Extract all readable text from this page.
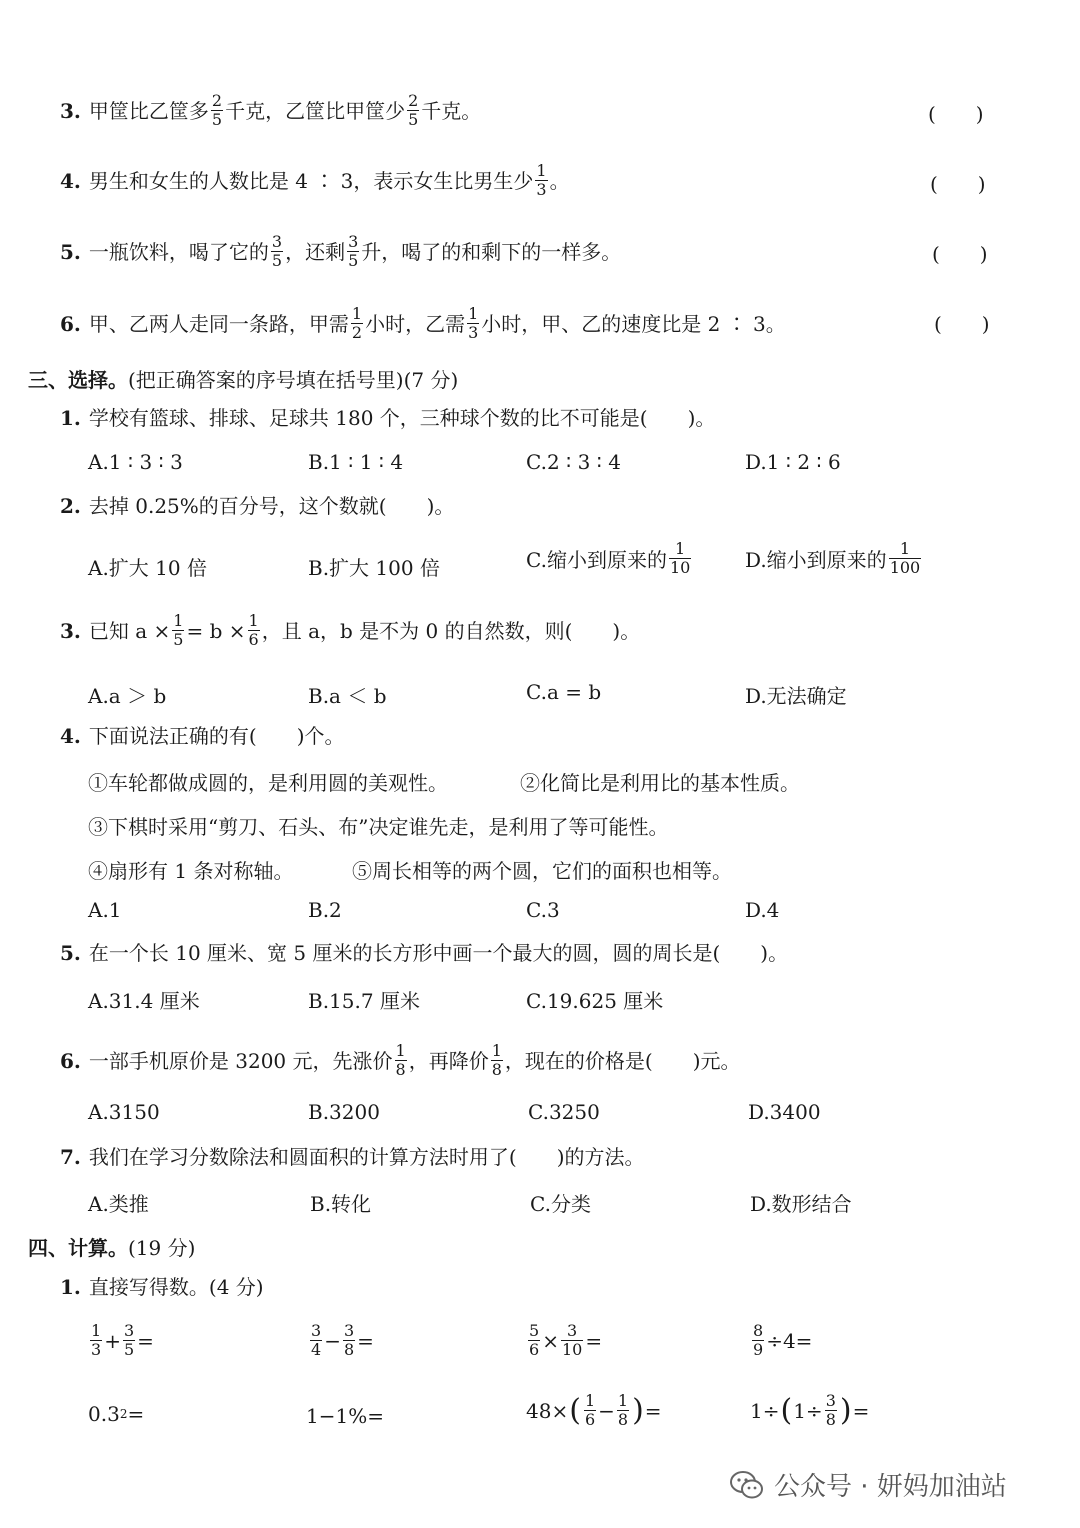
3. 甲筐比乙筐多 $\frac{2}{5}$ 千克，乙筐比甲筐少 $\frac{2}{5}$ 千克。	(　　)
4. 男生和女生的人数比是 4 ∶ 3，表示女生比男生少 $\frac{1}{3}$ 。	(　　)
5. 一瓶饮料，喝了它的 $\frac{3}{5}$ ，还剩 $\frac{3}{5}$ 升，喝了的和剩下的一样多。	(　　)
6. 甲、乙两人走同一条路，甲需 $\frac{1}{2}$ 小时，乙需 $\frac{1}{3}$ 小时，甲、乙的速度比是 2 ∶ 3。	(　　)
三、选择。(把正确答案的序号填在括号里)(7 分)
1. 学校有篮球、排球、足球共 180 个，三种球个数的比不可能是(　　)。
A.1 ∶ 3 ∶ 3	B.1 ∶ 1 ∶ 4	C.2 ∶ 3 ∶ 4	D.1 ∶ 2 ∶ 6
2. 去掉 0.25%的百分号，这个数就(　　)。
A.扩大 10 倍	B.扩大 100 倍	C.缩小到原来的 $\frac{1}{10}$	D.缩小到原来的 $\frac{1}{100}$
3. 已知 $a \times \frac{1}{5} = b \times \frac{1}{6}$ ，且 a，b 是不为 0 的自然数，则(　　)。
A.a ＞ b	B.a ＜ b	C.a = b	D.无法确定
4. 下面说法正确的有(　　)个。
①车轮都做成圆的，是利用圆的美观性。	②化简比是利用比的基本性质。
③下棋时采用“剪刀、石头、布”决定谁先走，是利用了等可能性。
④扇形有 1 条对称轴。	⑤周长相等的两个圆，它们的面积也相等。
A.1	B.2	C.3	D.4
5. 在一个长 10 厘米、宽 5 厘米的长方形中画一个最大的圆，圆的周长是(　　)。
A.31.4 厘米	B.15.7 厘米	C.19.625 厘米
6. 一部手机原价是 3200 元，先涨价 $\frac{1}{8}$ ，再降价 $\frac{1}{8}$ ，现在的价格是(　　)元。
A.3150	B.3200	C.3250	D.3400
7. 我们在学习分数除法和圆面积的计算方法时用了(　　)的方法。
A.类推	B.转化	C.分类	D.数形结合
四、计算。(19 分)
1. 直接写得数。(4 分)
$\frac{1}{3} + \frac{3}{5}$ =	$\frac{3}{4} - \frac{3}{8}$ =	$\frac{5}{6} \times \frac{3}{10}$ =	$\frac{8}{9} \div 4=$
0.3 2 =	1−1%=	48× ( $\frac{1}{6} - \frac{1}{8}$ ) =	1÷ ( $1\div \frac{3}{8}$ ) =
公众号 · 妍妈加油站
